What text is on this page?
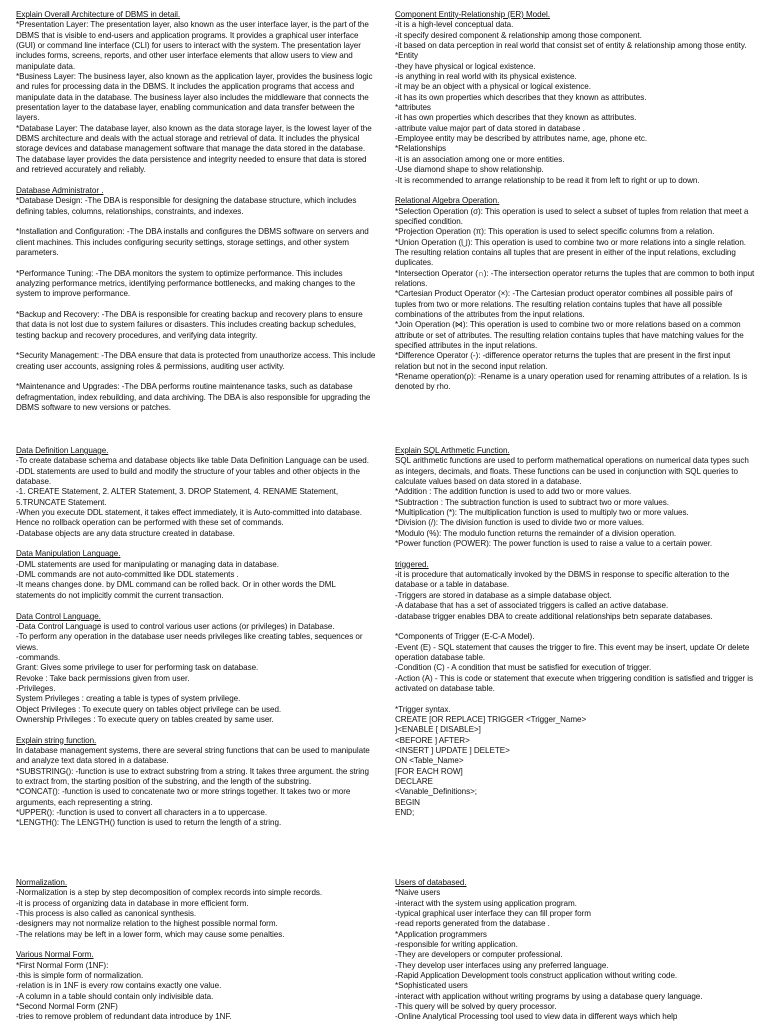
Explain Overall Architecture of DBMS in detail.

*Presentation Layer: The presentation layer, also known as the user interface layer, is the part of the DBMS that is visible to end-users and application programs. It provides a graphical user interface (GUI) or command line interface (CLI) for users to interact with the system. The presentation layer includes forms, screens, reports, and other user interface elements that allow users to view and manipulate data.

*Business Layer: The business layer, also known as the application layer, provides the business logic and rules for processing data in the DBMS. It includes the application programs that access and manipulate data in the database. The business layer also includes the middleware that connects the presentation layer to the database layer, enabling communication and data transfer between the layers.

*Database Layer: The database layer, also known as the data storage layer, is the lowest layer of the DBMS architecture and deals with the actual storage and retrieval of data. It includes the physical storage devices and database management software that manage the data stored in the database. The database layer provides the data persistence and integrity needed to ensure that data is stored and retrieved accurately and reliably.

Database Administrator .

*Database Design: -The DBA is responsible for designing the database structure, which includes defining tables, columns, relationships, constraints, and indexes.

*Installation and Configuration: -The DBA installs and configures the DBMS software on servers and client machines. This includes configuring security settings, storage settings, and other system parameters.

*Performance Tuning: -The DBA monitors the system to optimize performance. This includes analyzing performance metrics, identifying performance bottlenecks, and making changes to the system to improve performance.

*Backup and Recovery: -The DBA is responsible for creating backup and recovery plans to ensure that data is not lost due to system failures or disasters. This includes creating backup schedules, testing backup and recovery procedures, and verifying data integrity.

*Security Management: -The DBA ensure that data is protected from unauthorize access. This include creating user accounts, assigning roles & permissions, auditing user activity.

*Maintenance and Upgrades: -The DBA performs routine maintenance tasks, such as database defragmentation, index rebuilding, and data archiving. The DBA is also responsible for upgrading the DBMS software to new versions or patches.

Data Definition Language.

-To create database schema and database objects like table Data Definition Language can be used.

-DDL statements are used to build and modify the structure of your tables and other objects in the database.

-1. CREATE Statement, 2. ALTER Statement, 3. DROP Statement, 4. RENAME Statement, 5.TRUNCATE Statement.

-When you execute DDL statement, it takes effect immediately, it is Auto-committed into database. Hence no rollback operation can be performed with these set of commands.

-Database objects are any data structure created in database.

Data Manipulation Language.

-DML statements are used for manipulating or managing data in database.

-DML commands are not auto-committed like DDL statements .

-It means changes done. by DML command can be rolled back. Or in other words the DML statements do not implicitly commit the current transaction.

Data Control Language.

-Data Control Language is used to control various user actions (or privileges) in Database.

-To perform any operation in the database user needs privileges like creating tables, sequences or views.

-commands.

Grant: Gives some privilege to user for performing task on database.

Revoke : Take back permissions given from user.

-Privileges.

System Privileges : creating a table is types of system privilege.

Object Privileges : To execute query on tables object privilege can be used.

Ownership Privileges : To execute query on tables created by same user.

Explain string function.

In database management systems, there are several string functions that can be used to manipulate and analyze text data stored in a database.

*SUBSTRING(): -function is use to extract substring from a string. It takes three argument. the string to extract from, the starting position of the substring, and the length of the substring.

*CONCAT(): -function is used to concatenate two or more strings together. It takes two or more arguments, each representing a string.

*UPPER(): -function is used to convert all characters in a to uppercase.

*LENGTH(): The LENGTH() function is used to return the length of a string.

Normalization.

-Normalization is a step by step decomposition of complex records into simple records.

-it is process of organizing data in database in more efficient form.

-This process is also called as canonical synthesis.

-designers may not normalize relation to the highest possible normal form.

-The relations may be left in a lower form, which may cause some penalties.

Various Normal Form.

*First Normal Form (1NF):

-this is simple form of normalization.

-relation is in 1NF is every row contains exactly one value.

-A column in a table should contain only indivisible data.

*Second Normal Form (2NF)

-tries to remove problem of redundant data introduce by 1NF.

Component Entity-Relationship (ER) Model.

-it is a high-level conceptual data.

-it specify desired component & relationship among those component.

-it based on data perception in real world that consist set of entity & relationship among those entity.

*Entity

-they have physical or logical existence.

-is anything in real world with its physical existence.

-it may be an object with a physical or logical existence.

-it has its own properties which describes that they known as attributes.

*attributes

-it has own properties which describes that they known as attributes.

-attribute value major part of data stored in database .

-Employee entity may be described by attributes name, age, phone etc.

*Relationships

-it is an association among one or more entities.

-Use diamond shape to show relationship.

-It is recommended to arrange relationship to be read it from left to right or up to down.

Relational Algebra Operation.

*Selection Operation (σ): This operation is used to select a subset of tuples from relation that meet a specified condition.

*Projection Operation (π): This operation is used to select specific columns from a relation.

*Union Operation (⋃): This operation is used to combine two or more relations into a single relation. The resulting relation contains all tuples that are present in either of the input relations, excluding duplicates.

*Intersection Operator (∩): -The intersection operator returns the tuples that are common to both input relations.

*Cartesian Product Operator (×): -The Cartesian product operator combines all possible pairs of tuples from two or more relations. The resulting relation contains tuples that have all possible combinations of the attributes from the input relations.

*Join Operation (⋈): This operation is used to combine two or more relations based on a common attribute or set of attributes. The resulting relation contains tuples that have matching values for the specified attributes in the input relations.

*Difference Operator (-): -difference operator returns the tuples that are present in the first input relation but not in the second input relation.

*Rename operation(ρ): -Rename is a unary operation used for renaming attributes of a relation. Is is denoted by rho.

Explain SQL Arthmetic Function.

SQL arithmetic functions are used to perform mathematical operations on numerical data types such as integers, decimals, and floats. These functions can be used in conjunction with SQL queries to calculate values based on data stored in a database.

*Addition : The addition function is used to add two or more values.

*Subtraction : The subtraction function is used to subtract two or more values.

*Multiplication (*): The multiplication function is used to multiply two or more values.

*Division (/): The division function is used to divide two or more values.

*Modulo (%): The modulo function returns the remainder of a division operation.

*Power function (POWER): The power function is used to raise a value to a certain power.

triggered.

-it is procedure that automatically invoked by the DBMS in response to specific alteration to the database or a table in database.

-Triggers are stored in database as a simple database object.

-A database that has a set of associated triggers is called an active database.

-database trigger enables DBA to create additional relationships betn separate databases.

*Components of Trigger (E-C-A Model).

-Event (E) - SQL statement that causes the trigger to fire. This event may be insert, update Or delete operation database table.

-Condition (C) - A condition that must be satisfied for execution of trigger.

-Action (A) - This is code or statement that execute when triggering condition is satisfied and trigger is activated on database table.

*Trigger syntax.

CREATE [OR REPLACE] TRIGGER <Trigger_Name>

]<ENABLE [ DISABLE>]

<BEFORE ] AFTER>

<INSERT ] UPDATE ] DELETE>

ON <Table_Name>

[FOR EACH ROW]

DECLARE

<Vanable_Definitions>;

BEGIN

END;

Users of databased.

*Naive users

-interact with the system using application program.

-typical graphical user interface they can fill proper form

-read reports generated from the database .

*Application programmers

-responsible for writing application.

-They are developers or computer professional.

-They develop user interfaces using any preferred language.

-Rapid Application Development tools construct application without writing code.

*Sophisticated users

-interact with application without writing programs by using a database query language.

-This query will be solved by query processor.

-Online Analytical Processing tool used to view data in different ways which help
